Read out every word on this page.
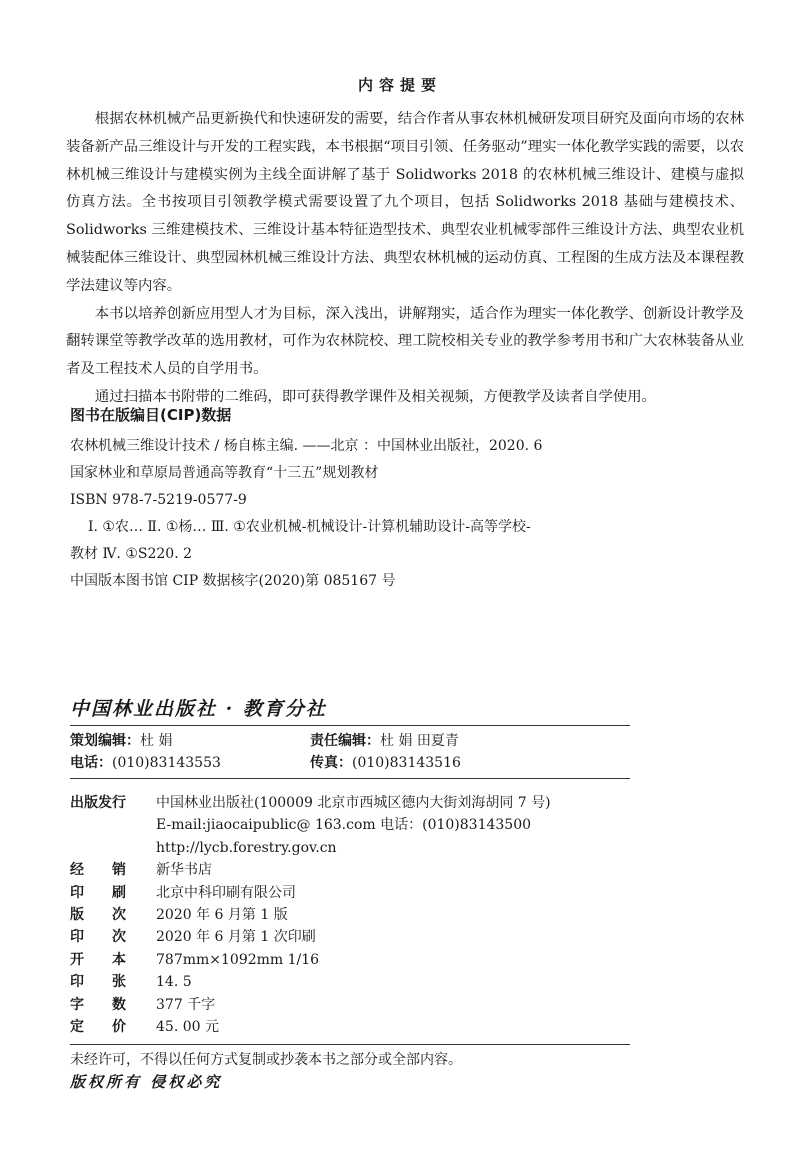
内容提要

根据农林机械产品更新换代和快速研发的需要，结合作者从事农林机械研发项目研究及面向市场的农林装备新产品三维设计与开发的工程实践，本书根据“项目引领、任务驱动”理实一体化教学实践的需要，以农林机械三维设计与建模实例为主线全面讲解了基于 Solidworks 2018 的农林机械三维设计、建模与虚拟仿真方法。全书按项目引领教学模式需要设置了九个项目，包括 Solidworks 2018 基础与建模技术、Solidworks 三维建模技术、三维设计基本特征造型技术、典型农业机械零部件三维设计方法、典型农业机械装配体三维设计、典型园林机械三维设计方法、典型农林机械的运动仿真、工程图的生成方法及本课程教学法建议等内容。

本书以培养创新应用型人才为目标，深入浅出，讲解翔实，适合作为理实一体化教学、创新设计教学及翻转课堂等教学改革的选用教材，可作为农林院校、理工院校相关专业的教学参考用书和广大农林装备从业者及工程技术人员的自学用书。

通过扫描本书附带的二维码，即可获得教学课件及相关视频，方便教学及读者自学使用。

图书在版编目(CIP)数据
农林机械三维设计技术 / 杨自栋主编. ——北京 ：中国林业出版社，2020. 6
国家林业和草原局普通高等教育“十三五”规划教材
ISBN 978-7-5219-0577-9
Ⅰ. ①农… Ⅱ. ①杨… Ⅲ. ①农业机械-机械设计-计算机辅助设计-高等学校-
教材 Ⅳ. ①S220. 2
中国版本图书馆 CIP 数据核字(2020)第 085167 号
中国林业出版社 · 教育分社
策划编辑：杜 娟	责任编辑：杜 娟 田夏青
电话：(010)83143553	传真：(010)83143516
出版发行	中国林业出版社(100009 北京市西城区德内大街刘海胡同 7 号)
E-mail:jiaocaipublic@ 163.com 电话：(010)83143500
http://lycb.forestry.gov.cn
经销 新华书店
印刷 北京中科印刷有限公司
版次 2020 年 6 月第 1 版
印次 2020 年 6 月第 1 次印刷
开本 787mm×1092mm 1/16
印张 14. 5
字数 377 千字
定价 45. 00 元
未经许可，不得以任何方式复制或抄袭本书之部分或全部内容。
版权所有 侵权必究
